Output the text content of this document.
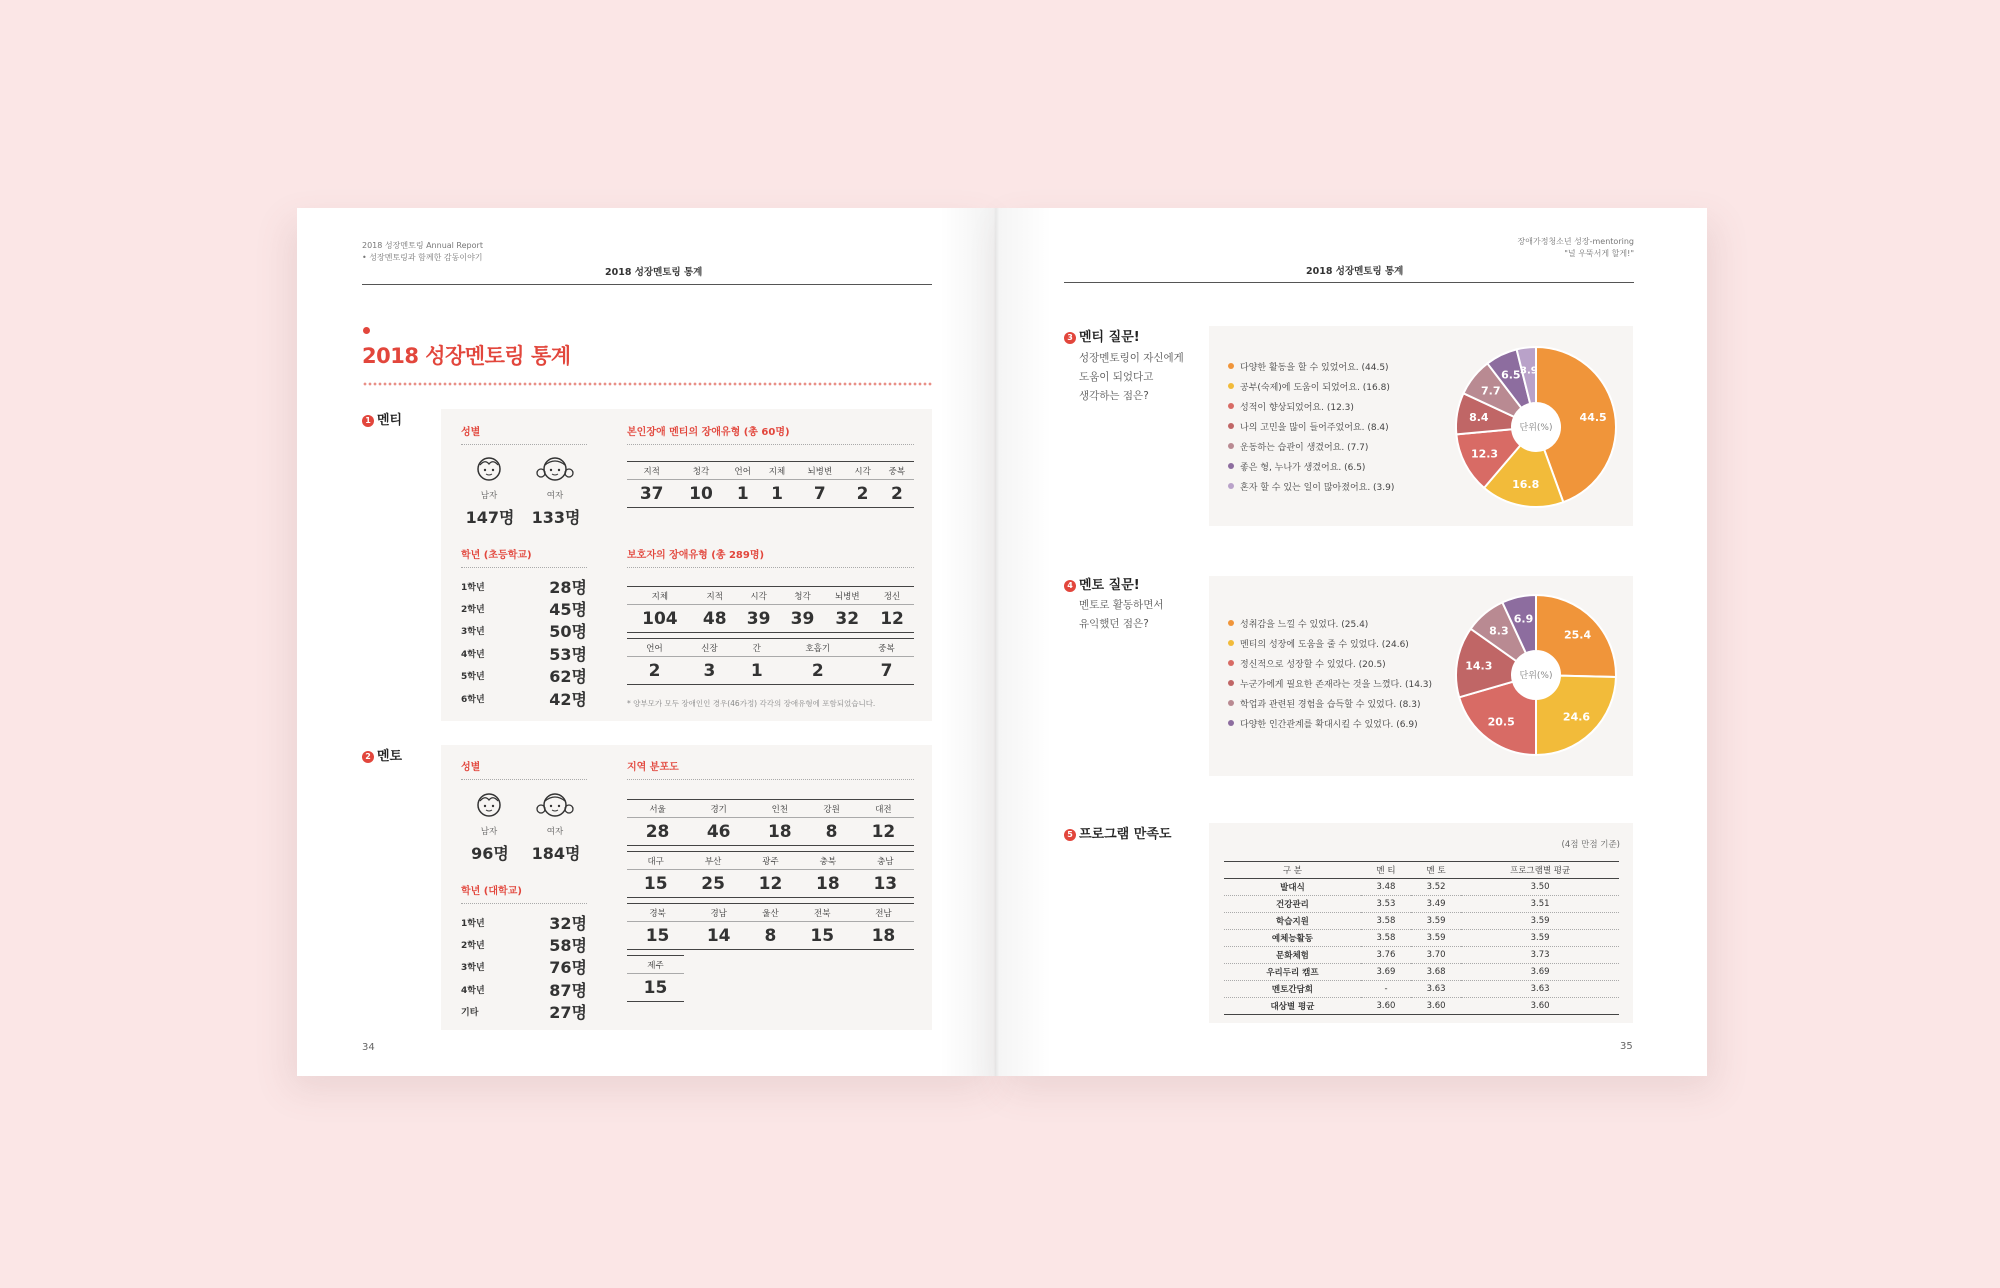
2018 성장멘토링 Annual Report
• 성장멘토링과 함께한 감동이야기
2018 성장멘토링 통계
2018 성장멘토링 통계
1 멘티
성별
남자	여자
147명	133명
학년 (초등학교)
1학년	28명
2학년	45명
3학년	50명
4학년	53명
5학년	62명
6학년	42명
본인장애 멘티의 장애유형 (총 60명)
지적	청각	언어	지체	뇌병변	시각	중복
37	10	1	1	7	2	2
보호자의 장애유형 (총 289명)
지체	지적	시각	청각	뇌병변	정신
104	48	39	39	32	12
언어	신장	간	호흡기	중복
2	3	1	2	7
* 양부모가 모두 장애인인 경우(46가정) 각각의 장애유형에 포함되었습니다.
2 멘토
성별
남자	여자
96명	184명
학년 (대학교)
1학년	32명
2학년	58명
3학년	76명
4학년	87명
기타	27명
지역 분포도
서울	경기	인천	강원	대전
28	46	18	8	12
대구	부산	광주	충북	충남
15	25	12	18	13
경북	경남	울산	전북	전남
15	14	8	15	18
제주
15
34
장애가정청소년 성장-mentoring
"널 우뚝서게 할게!"
2018 성장멘토링 통계
3 멘티 질문!
성장멘토링이 자신에게
도움이 되었다고
생각하는 점은?
다양한 활동을 할 수 있었어요. (44.5)
공부(숙제)에 도움이 되었어요. (16.8)
성적이 향상되었어요. (12.3)
나의 고민을 많이 들어주었어요. (8.4)
운동하는 습관이 생겼어요. (7.7)
좋은 형, 누나가 생겼어요. (6.5)
혼자 할 수 있는 일이 많아졌어요. (3.9)
44.5
16.8
12.3
8.4
7.7
6.5 3.9
단위(%)
4 멘토 질문!
멘토로 활동하면서
유익했던 점은?	성취감을 느낄 수 있었다. (25.4)
멘티의 성장에 도움을 줄 수 있었다. (24.6)
정신적으로 성장할 수 있었다. (20.5)
누군가에게 필요한 존재라는 것을 느꼈다. (14.3)
학업과 관련된 경험을 습득할 수 있었다. (8.3)
다양한 인간관계를 확대시킬 수 있었다. (6.9)
25.4
24.6
20.5
14.3
8.3
6.9
단위(%)
5 프로그램 만족도
(4점 만점 기준)
구 분	멘 티	멘 토	프로그램별 평균
발대식	3.48	3.52	3.50
건강관리	3.53	3.49	3.51
학습지원	3.58	3.59	3.59
예체능활동	3.58	3.59	3.59
문화체험	3.76	3.70	3.73
우리두리 캠프	3.69	3.68	3.69
멘토간담회	-	3.63	3.63
대상별 평균	3.60	3.60	3.60
35
